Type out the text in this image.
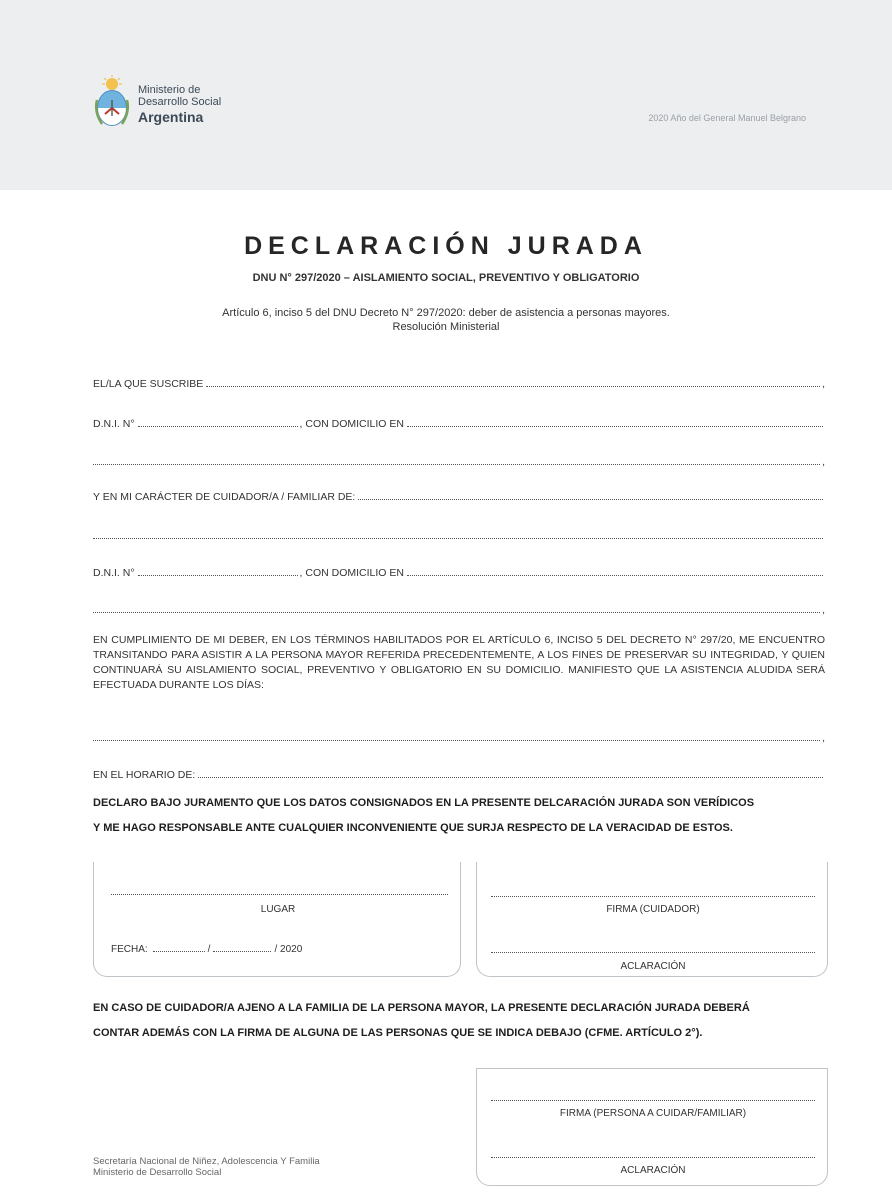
Ministerio de
Desarrollo Social
Argentina	2020 Año del General Manuel Belgrano
DECLARACIÓN JURADA
DNU N° 297/2020 – AISLAMIENTO SOCIAL, PREVENTIVO Y OBLIGATORIO
Artículo 6, inciso 5 del DNU Decreto N° 297/2020: deber de asistencia a personas mayores.
Resolución Ministerial
EL/LA QUE SUSCRIBE	,
D.N.I. N°	, CON DOMICILIO EN
,
Y EN MI CARÁCTER DE CUIDADOR/A / FAMILIAR DE:
D.N.I. N°	, CON DOMICILIO EN
,
EN CUMPLIMIENTO DE MI DEBER, EN LOS TÉRMINOS HABILITADOS POR EL ARTÍCULO 6, INCISO 5 DEL DECRETO N° 297/20, ME ENCUENTRO TRANSITANDO PARA ASISTIR A LA PERSONA MAYOR REFERIDA PRECEDENTEMENTE, A LOS FINES DE PRESERVAR SU INTEGRIDAD, Y QUIEN CONTINUARÁ SU AISLAMIENTO SOCIAL, PREVENTIVO Y OBLIGATORIO EN SU DOMICILIO. MANIFIESTO QUE LA ASISTENCIA ALUDIDA SERÁ EFECTUADA DURANTE LOS DÍAS:
,
EN EL HORARIO DE:
DECLARO BAJO JURAMENTO QUE LOS DATOS CONSIGNADOS EN LA PRESENTE DELCARACIÓN JURADA SON VERÍDICOS
Y ME HAGO RESPONSABLE ANTE CUALQUIER INCONVENIENTE QUE SURJA RESPECTO DE LA VERACIDAD DE ESTOS.
LUGAR
FECHA:	/	/ 2020
FIRMA (CUIDADOR)
ACLARACIÓN
EN CASO DE CUIDADOR/A AJENO A LA FAMILIA DE LA PERSONA MAYOR, LA PRESENTE DECLARACIÓN JURADA DEBERÁ
CONTAR ADEMÁS CON LA FIRMA DE ALGUNA DE LAS PERSONAS QUE SE INDICA DEBAJO (CFME. ARTÍCULO 2°).
FIRMA (PERSONA A CUIDAR/FAMILIAR)
ACLARACIÓN
Secretaría Nacional de Niñez, Adolescencia Y Familia
Ministerio de Desarrollo Social
